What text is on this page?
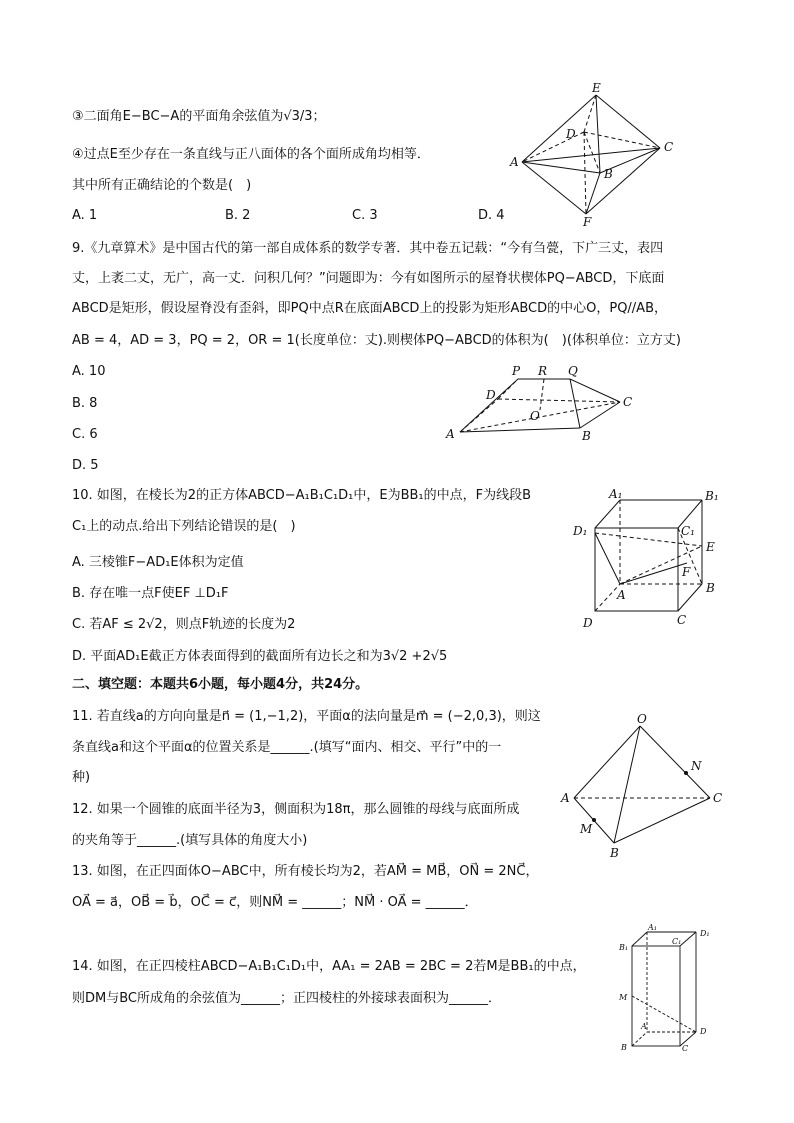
③二面角E−BC−A的平面角余弦值为√3/3；
④过点E至少存在一条直线与正八面体的各个面所成角均相等．
其中所有正确结论的个数是(　)
A. 1	B. 2	C. 3	D. 4
E
D
C
A
B
F
9.《九章算术》是中国古代的第一部自成体系的数学专著．其中卷五记载：“今有刍甍，下广三丈，表四
丈，上袤二丈，无广，高一丈．问积几何？”问题即为：今有如图所示的屋脊状楔体PQ−ABCD，下底面
ABCD是矩形，假设屋脊没有歪斜，即PQ中点R在底面ABCD上的投影为矩形ABCD的中心O，PQ//AB，
AB = 4，AD = 3，PQ = 2，OR = 1(长度单位：丈).则楔体PQ−ABCD的体积为(　)(体积单位：立方丈)
A. 10
B. 8
C. 6
D. 5
P R Q
D	C
O
A	B
10. 如图，在棱长为2的正方体ABCD−A₁B₁C₁D₁中，E为BB₁的中点，F为线段B
C₁上的动点.给出下列结论错误的是(　)
A. 三棱锥F−AD₁E体积为定值
B. 存在唯一点F使EF ⊥D₁F
C. 若AF ≤ 2√2，则点F轨迹的长度为2
D. 平面AD₁E截正方体表面得到的截面所有边长之和为3√2 +2√5
A₁	B₁
D₁	C₁
E
F
A	B
D	C
二、填空题：本题共6小题，每小题4分，共24分。
11. 若直线a的方向向量是n⃗ = (1,−1,2)，平面α的法向量是m⃗ = (−2,0,3)，则这
条直线a和这个平面α的位置关系是______.(填写“面内、相交、平行”中的一
种)
12. 如果一个圆锥的底面半径为3，侧面积为18π，那么圆锥的母线与底面所成
的夹角等于______.(填写具体的角度大小)
O
N
A	C
M
B
13. 如图，在正四面体O−ABC中，所有棱长均为2，若AM⃗ = MB⃗，ON⃗ = 2NC⃗，
OA⃗ = a⃗，OB⃗ = b⃗，OC⃗ = c⃗，则NM⃗ = ______；NM⃗ · OA⃗ = ______．
14. 如图，在正四棱柱ABCD−A₁B₁C₁D₁中，AA₁ = 2AB = 2BC = 2若M是BB₁的中点，
则DM与BC所成角的余弦值为______；正四棱柱的外接球表面积为______．
A₁
B₁
C₁
D₁
M
A
D
B	C
